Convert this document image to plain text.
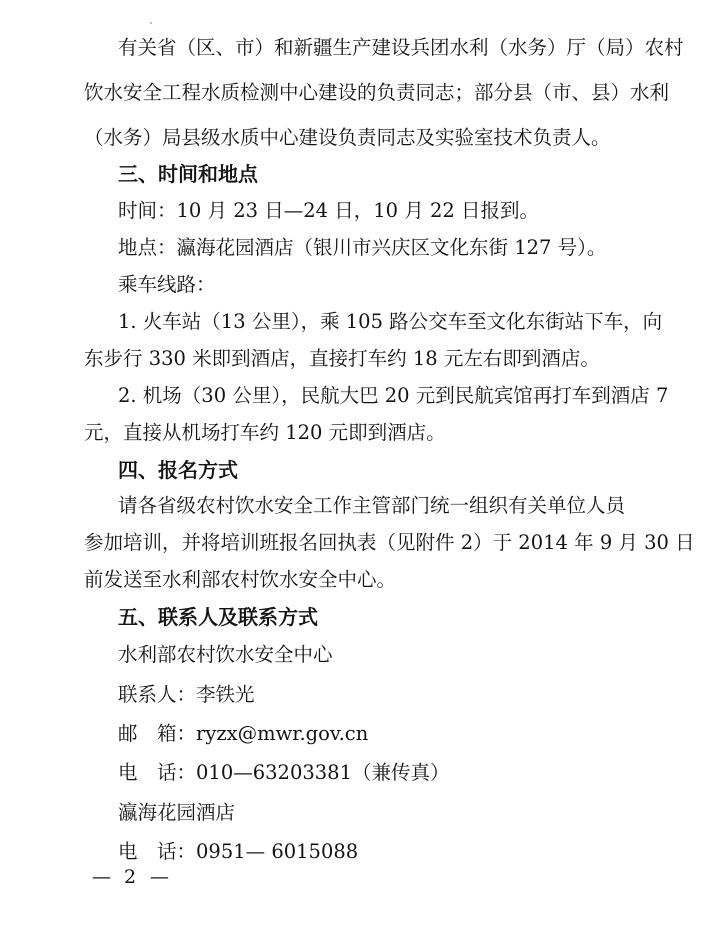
有关省（区、市）和新疆生产建设兵团水利（水务）厅（局）农村
饮水安全工程水质检测中心建设的负责同志；部分县（市、县）水利
（水务）局县级水质中心建设负责同志及实验室技术负责人。
三、时间和地点
时间：10 月 23 日—24 日，10 月 22 日报到。
地点：瀛海花园酒店（银川市兴庆区文化东街 127 号）。
乘车线路：
1. 火车站（13 公里），乘 105 路公交车至文化东街站下车，向
东步行 330 米即到酒店，直接打车约 18 元左右即到酒店。
2. 机场（30 公里），民航大巴 20 元到民航宾馆再打车到酒店 7
元，直接从机场打车约 120 元即到酒店。
四、报名方式
请各省级农村饮水安全工作主管部门统一组织有关单位人员
参加培训，并将培训班报名回执表（见附件 2）于 2014 年 9 月 30 日
前发送至水利部农村饮水安全中心。
五、联系人及联系方式
水利部农村饮水安全中心
联系人：李铁光
邮　箱：ryzx@mwr.gov.cn
电　话：010—63203381（兼传真）
瀛海花园酒店
电　话：0951— 6015088
— 2 —
